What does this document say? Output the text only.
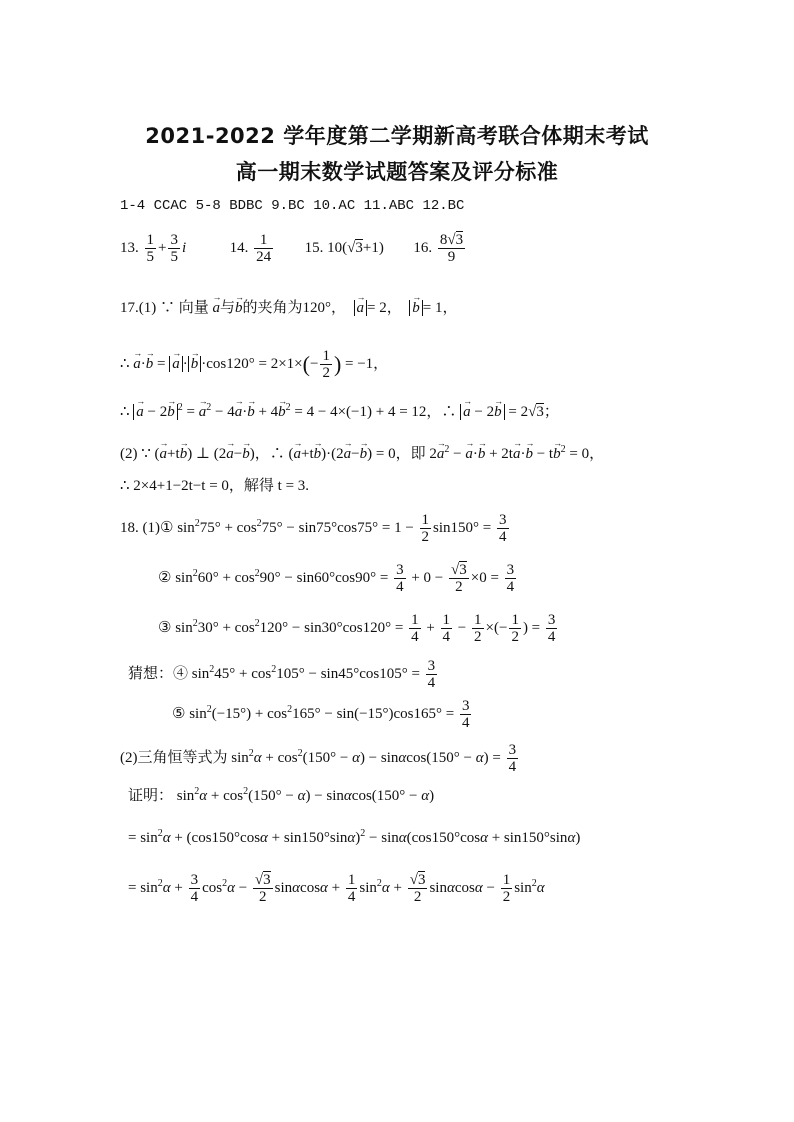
2021-2022 学年度第二学期新高考联合体期末考试
高一期末数学试题答案及评分标准
1-4 CCAC 5-8 BDBC 9.BC 10.AC 11.ABC 12.BC
13. $\frac{1}{5} + \frac{3}{5}$ i	14. $\frac{1}{24} 15$. 10(√3+1)  16. $\frac{8√3}{9}$
17.(1) ∵ 向量 → a与→ b的夹角为120°，  → a = 2，  → b = 1，
∴ → a·→ b = → $a \cdot\to b \cdot\cos 120^\circ = 2\times 1\times(- \frac{1}{2}$ ) = −1，
∴ → a − 2→ b $^2$ = → $a^2 - 4\to a\cdot\to b + 4\to b^2 = 4 - 4\times(-1) + 4 = 12$，∴ → a − 2→ b = 2√3；
(2) ∵ (→ a+t→ b) ⊥ (2→ a−→ b)，∴ (→ a+t→ b)·(2→ a−→ b) = 0，即 $2\to a^2$ − → $a\cdot\to b + 2t\to a\cdot\to b - t\to b^2 = 0$，
∴ 2×4+1−2t−t = 0，解得 t = 3.
18. (1)① $\sin^275^\circ + \cos^275^\circ - \sin 75^\circ\cos 75^\circ = 1 - \frac{1}{2} \sin 150^\circ = \frac{3}{4}$
② $\sin^260^\circ + \cos^290^\circ - \sin 60^\circ\cos 90^\circ = \frac{3}{4} + 0 - \frac{√3}{2} \times 0 = \frac{3}{4}$
③ $\sin^230^\circ + \cos^2120^\circ - \sin 30^\circ\cos 120^\circ = \frac{1}{4} + \frac{1}{4} - \frac{1}{2}$ ×(− $\frac{1}{2}$ ) = $\frac{3}{4}$
猜想：④ $\sin^245^\circ + \cos^2105^\circ - \sin 45^\circ\cos 105^\circ = \frac{3}{4}$
⑤ $\sin^2(-15^\circ) + \cos^2165^\circ - \sin(-15^\circ)\cos 165^\circ = \frac{3}{4}$
(2)三角恒等式为 $\sin^2\alpha + \cos^2(150^\circ - \alpha) - \sin\alpha\cos(150^\circ - \alpha) = \frac{3}{4}$
证明： $\sin^2\alpha + \cos^2(150^\circ - \alpha) - \sin\alpha\cos(150^\circ - \alpha)$
= $\sin^2\alpha + (\cos 150^\circ\cos\alpha + \sin 150^\circ\sin\alpha)^2 - \sin\alpha(\cos 150^\circ\cos\alpha + \sin 150^\circ\sin\alpha)$
= $\sin^2\alpha + \frac{3}{4} \cos^2\alpha - \frac{√3}{2}$ $\sin\alpha\cos\alpha + \frac{1}{4} \sin^2\alpha + \frac{√3}{2}$ $\sin\alpha\cos\alpha - \frac{1}{2} \sin^2\alpha$
